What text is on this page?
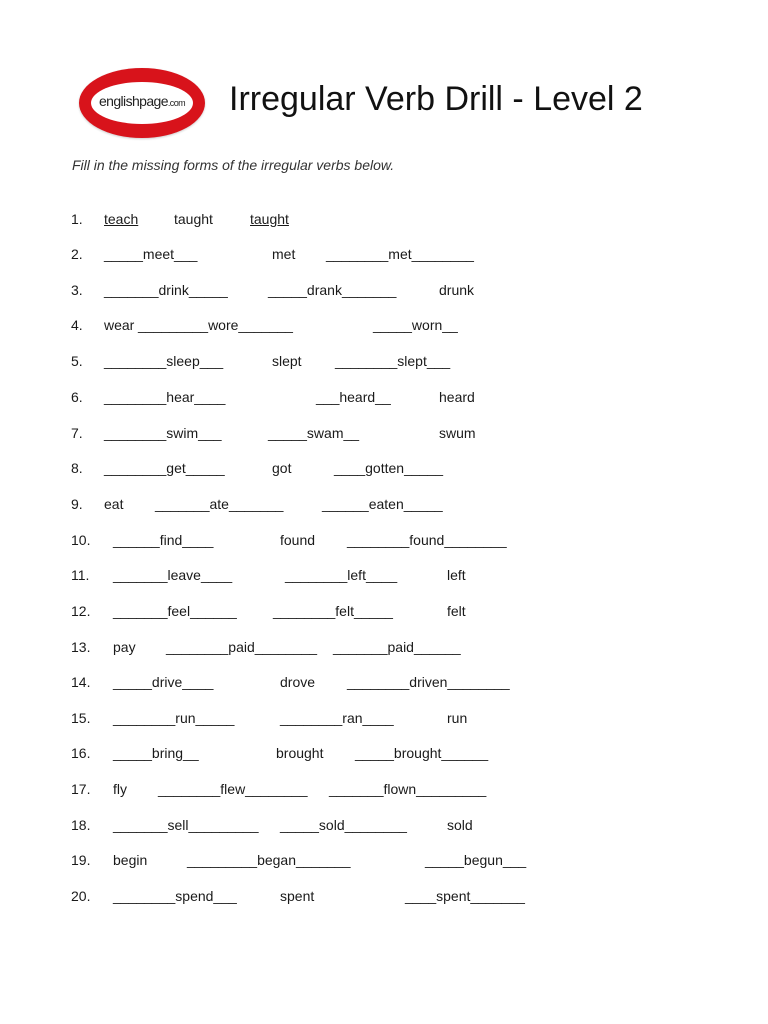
englishpage.com	Irregular Verb Drill - Level 2
Fill in the missing forms of the irregular verbs below.
1. teach	taught	taught
2. _____meet___	met ________met________
3. _______drink_____	_____drank_______	drunk
4. wear _________wore_______	_____worn__
5. ________sleep___	slept ________slept___
6. ________hear____	___heard__	heard
7. ________swim___	_____swam__	swum
8. ________get_____	got	____gotten_____
9. eat _______ate_______	______eaten_____
10. ______find____	found ________found________
11. _______leave____	________left____	left
12. _______feel______	________felt_____	felt
13. pay ________paid________ _______paid______
14. _____drive____	drove ________driven________
15. ________run_____	________ran____	run
16. _____bring__	brought _____brought______
17. fly ________flew________ _______flown_________
18. _______sell_________ _____sold________	sold
19. begin	_________began_______	_____begun___
20. ________spend___	spent	____spent_______
